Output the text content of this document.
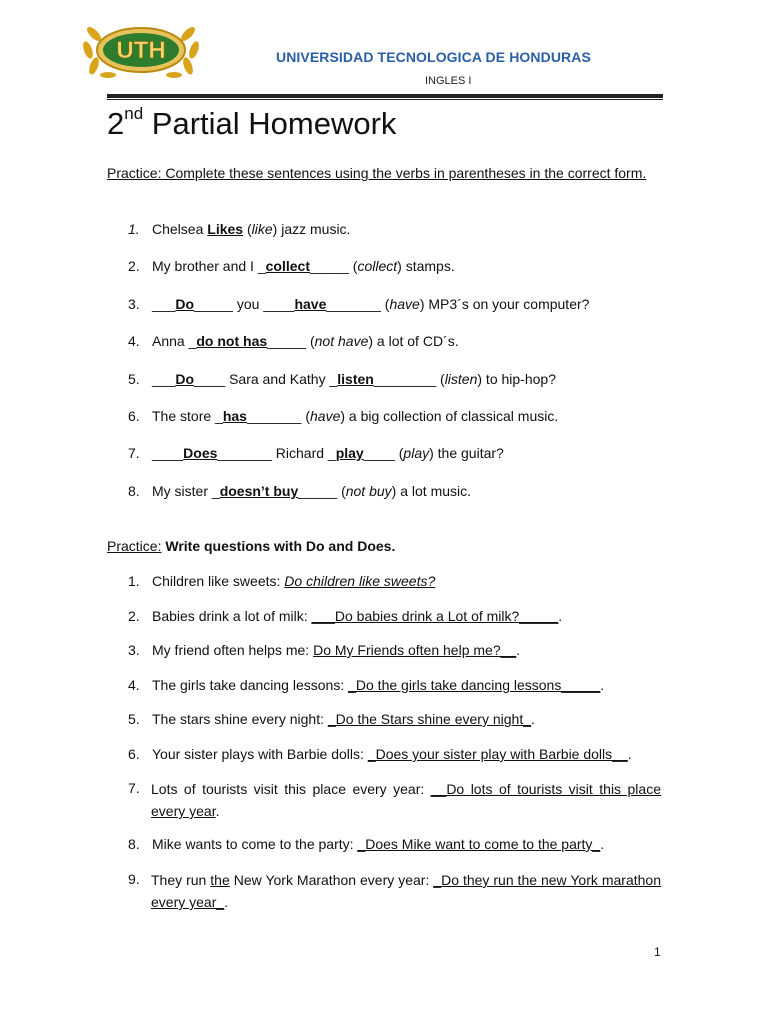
UTH	UNIVERSIDAD TECNOLOGICA DE HONDURAS
INGLES I
2nd Partial Homework
Practice: Complete these sentences using the verbs in parentheses in the correct form.
1. Chelsea Likes (like) jazz music.
2. My brother and I _collect_____ (collect) stamps.
3. ___Do_____ you ____have_______ (have) MP3´s on your computer?
4. Anna _do not has_____ (not have) a lot of CD´s.
5. ___Do____ Sara and Kathy _listen________ (listen) to hip-hop?
6. The store _has_______ (have) a big collection of classical music.
7. ____Does_______ Richard _play____ (play) the guitar?
8. My sister _doesn’t buy_____ (not buy) a lot music.
Practice: Write questions with Do and Does.
1. Children like sweets: Do children like sweets?
2. Babies drink a lot of milk: ___Do babies drink a Lot of milk?_____.
3. My friend often helps me: Do My Friends often help me?__.
4. The girls take dancing lessons: _Do the girls take dancing lessons_____.
5. The stars shine every night: _Do the Stars shine every night_.
6. Your sister plays with Barbie dolls: _Does your sister play with Barbie dolls__.
7. Lots of tourists visit this place every year: __Do lots of tourists visit this place every year.
8. Mike wants to come to the party: _Does Mike want to come to the party_.
9. They run the New York Marathon every year: _Do they run the new York marathon every year_.
1
